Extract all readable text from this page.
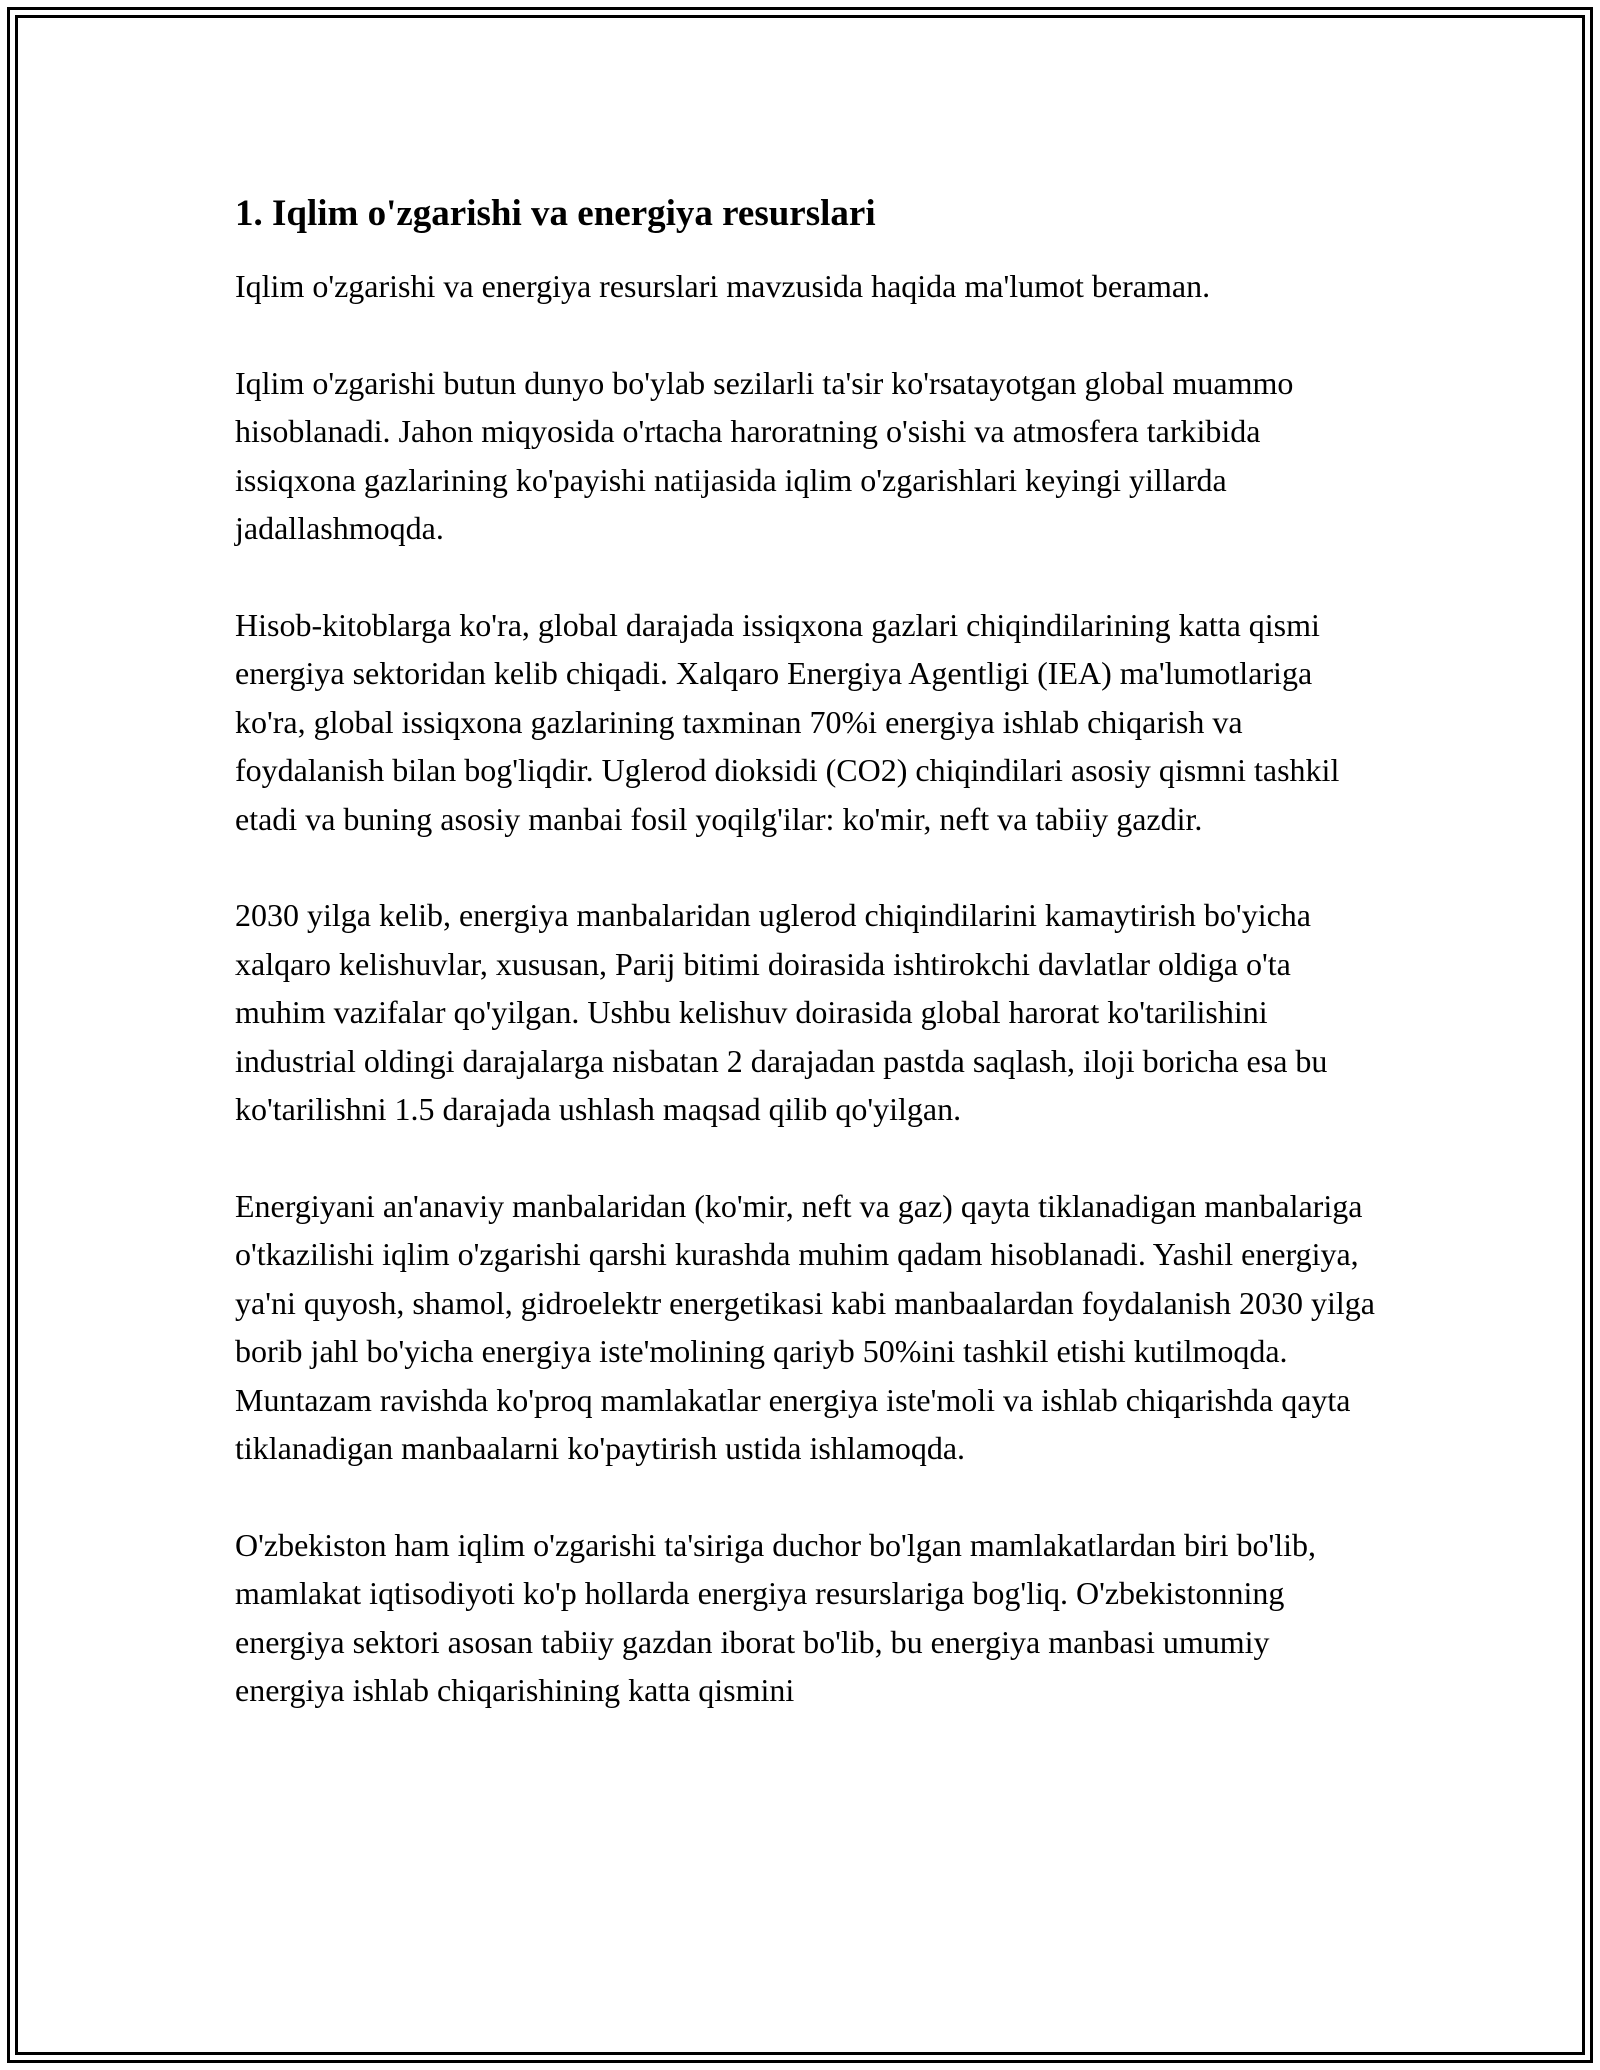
1. Iqlim o'zgarishi va energiya resurslari

Iqlim o'zgarishi va energiya resurslari mavzusida haqida ma'lumot beraman.

Iqlim o'zgarishi butun dunyo bo'ylab sezilarli ta'sir ko'rsatayotgan global muammo hisoblanadi. Jahon miqyosida o'rtacha haroratning o'sishi va atmosfera tarkibida issiqxona gazlarining ko'payishi natijasida iqlim o'zgarishlari keyingi yillarda jadallashmoqda.

Hisob-kitoblarga ko'ra, global darajada issiqxona gazlari chiqindilarining katta qismi energiya sektoridan kelib chiqadi. Xalqaro Energiya Agentligi (IEA) ma'lumotlariga ko'ra, global issiqxona gazlarining taxminan 70%i energiya ishlab chiqarish va foydalanish bilan bog'liqdir. Uglerod dioksidi (CO2) chiqindilari asosiy qismni tashkil etadi va buning asosiy manbai fosil yoqilg'ilar: ko'mir, neft va tabiiy gazdir.

2030 yilga kelib, energiya manbalaridan uglerod chiqindilarini kamaytirish bo'yicha xalqaro kelishuvlar, xususan, Parij bitimi doirasida ishtirokchi davlatlar oldiga o'ta muhim vazifalar qo'yilgan. Ushbu kelishuv doirasida global harorat ko'tarilishini industrial oldingi darajalarga nisbatan 2 darajadan pastda saqlash, iloji boricha esa bu ko'tarilishni 1.5 darajada ushlash maqsad qilib qo'yilgan.

Energiyani an'anaviy manbalaridan (ko'mir, neft va gaz) qayta tiklanadigan manbalariga o'tkazilishi iqlim o'zgarishi qarshi kurashda muhim qadam hisoblanadi. Yashil energiya, ya'ni quyosh, shamol, gidroelektr energetikasi kabi manbaalardan foydalanish 2030 yilga borib jahl bo'yicha energiya iste'molining qariyb 50%ini tashkil etishi kutilmoqda. Muntazam ravishda ko'proq mamlakatlar energiya iste'moli va ishlab chiqarishda qayta tiklanadigan manbaalarni ko'paytirish ustida ishlamoqda.

O'zbekiston ham iqlim o'zgarishi ta'siriga duchor bo'lgan mamlakatlardan biri bo'lib, mamlakat iqtisodiyoti ko'p hollarda energiya resurslariga bog'liq. O'zbekistonning energiya sektori asosan tabiiy gazdan iborat bo'lib, bu energiya manbasi umumiy energiya ishlab chiqarishining katta qismini
